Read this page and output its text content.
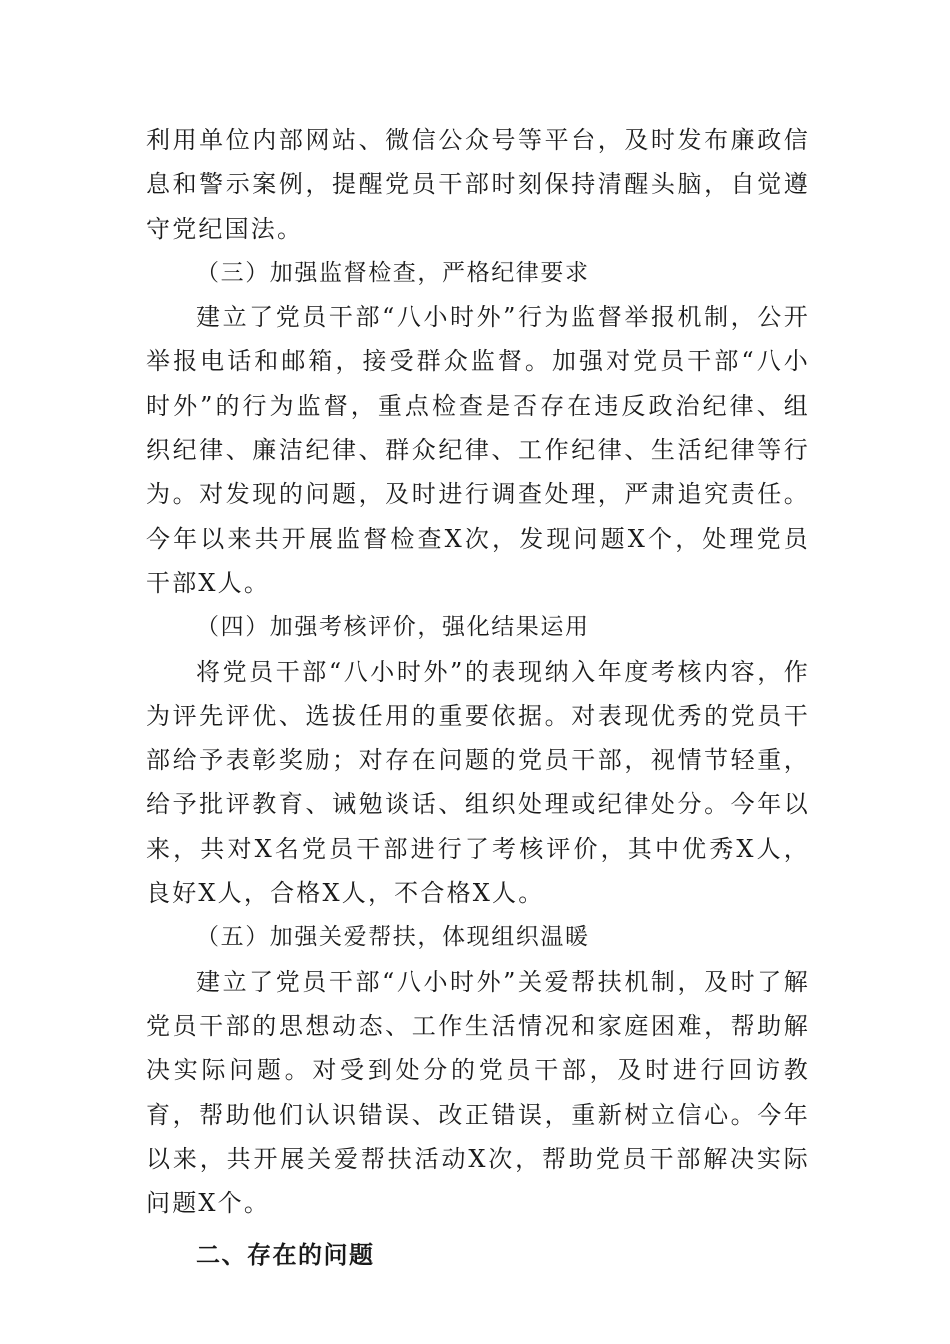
利用单位内部网站、微信公众号等平台，及时发布廉政信息和警示案例，提醒党员干部时刻保持清醒头脑，自觉遵守党纪国法。

（三）加强监督检查，严格纪律要求

建立了党员干部“八小时外”行为监督举报机制，公开举报电话和邮箱，接受群众监督。加强对党员干部“八小时外”的行为监督，重点检查是否存在违反政治纪律、组织纪律、廉洁纪律、群众纪律、工作纪律、生活纪律等行为。对发现的问题，及时进行调查处理，严肃追究责任。今年以来共开展监督检查X次，发现问题X个，处理党员干部X人。

（四）加强考核评价，强化结果运用

将党员干部“八小时外”的表现纳入年度考核内容，作为评先评优、选拔任用的重要依据。对表现优秀的党员干部给予表彰奖励；对存在问题的党员干部，视情节轻重，给予批评教育、诫勉谈话、组织处理或纪律处分。今年以来，共对X名党员干部进行了考核评价，其中优秀X人，良好X人，合格X人，不合格X人。

（五）加强关爱帮扶，体现组织温暖

建立了党员干部“八小时外”关爱帮扶机制，及时了解党员干部的思想动态、工作生活情况和家庭困难，帮助解决实际问题。对受到处分的党员干部，及时进行回访教育，帮助他们认识错误、改正错误，重新树立信心。今年以来，共开展关爱帮扶活动X次，帮助党员干部解决实际问题X个。

二、存在的问题
